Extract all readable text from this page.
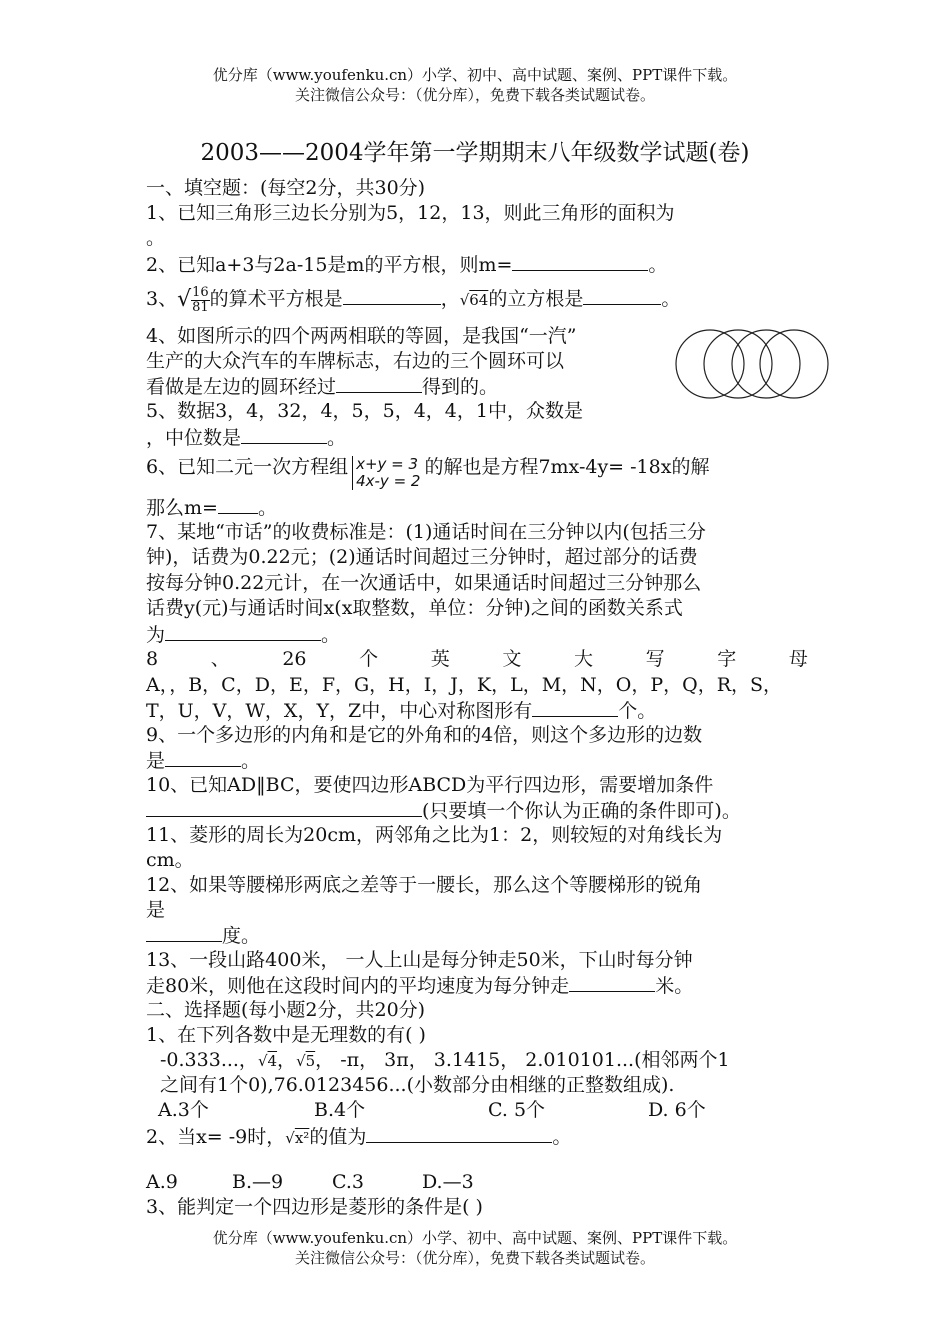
优分库（www.youfenku.cn）小学、初中、高中试题、案例、PPT课件下载。
关注微信公众号：（优分库），免费下载各类试题试卷。
2003——2004学年第一学期期末八年级数学试题(卷)
一、填空题：(每空2分，共30分)
1、已知三角形三边长分别为5，12，13，则此三角形的面积为
。
2、已知a+3与2a-15是m的平方根，则m=	。
3、√ $\frac{16}{81}$ 的算术平方根是	，√64的立方根是	。
4、如图所示的四个两两相联的等圆，是我国“一汽”
生产的大众汽车的车牌标志，右边的三个圆环可以
看做是左边的圆环经过	得到的。
5、数据3，4，32，4，5，5，4，4，1中，众数是
，中位数是	。
6、已知二元一次方程组 x+y = 3
4x-y = 2
的解也是方程7mx-4y= -18x的解
那么m= 。
7、某地“市话”的收费标准是：(1)通话时间在三分钟以内(包括三分
钟)，话费为0.22元；(2)通话时间超过三分钟时，超过部分的话费
按每分钟0.22元计，在一次通话中，如果通话时间超过三分钟那么
话费y(元)与通话时间x(x取整数，单位：分钟)之间的函数关系式
为	。
8	、	26	个	英	文	大	写	字	母
A，，B，C，D，E，F，G，H，I，J，K，L，M，N，O，P，Q，R，S，
T，U，V，W，X，Y，Z中，中心对称图形有	个。
9、一个多边形的内角和是它的外角和的4倍，则这个多边形的边数
是	。
10、已知AD‖BC，要使四边形ABCD为平行四边形，需要增加条件
(只要填一个你认为正确的条件即可)。
11、菱形的周长为20cm，两邻角之比为1：2，则较短的对角线长为
cm。
12、如果等腰梯形两底之差等于一腰长，那么这个等腰梯形的锐角
是
度。
13、一段山路400米， 一人上山是每分钟走50米，下山时每分钟
走80米，则他在这段时间内的平均速度为每分钟走	米。
二、选择题(每小题2分，共20分)
1、在下列各数中是无理数的有( )
-0.333...，√4，√5， -π， 3π， 3.1415， 2.010101...(相邻两个1
之间有1个0),76.0123456...(小数部分由相继的正整数组成).
A.3个	B.4个	C. 5个	D. 6个
2、当x= -9时，√x²的值为	。
A.9	B.—9	C.3	D.—3
3、能判定一个四边形是菱形的条件是( )
优分库（www.youfenku.cn）小学、初中、高中试题、案例、PPT课件下载。
关注微信公众号：（优分库），免费下载各类试题试卷。
